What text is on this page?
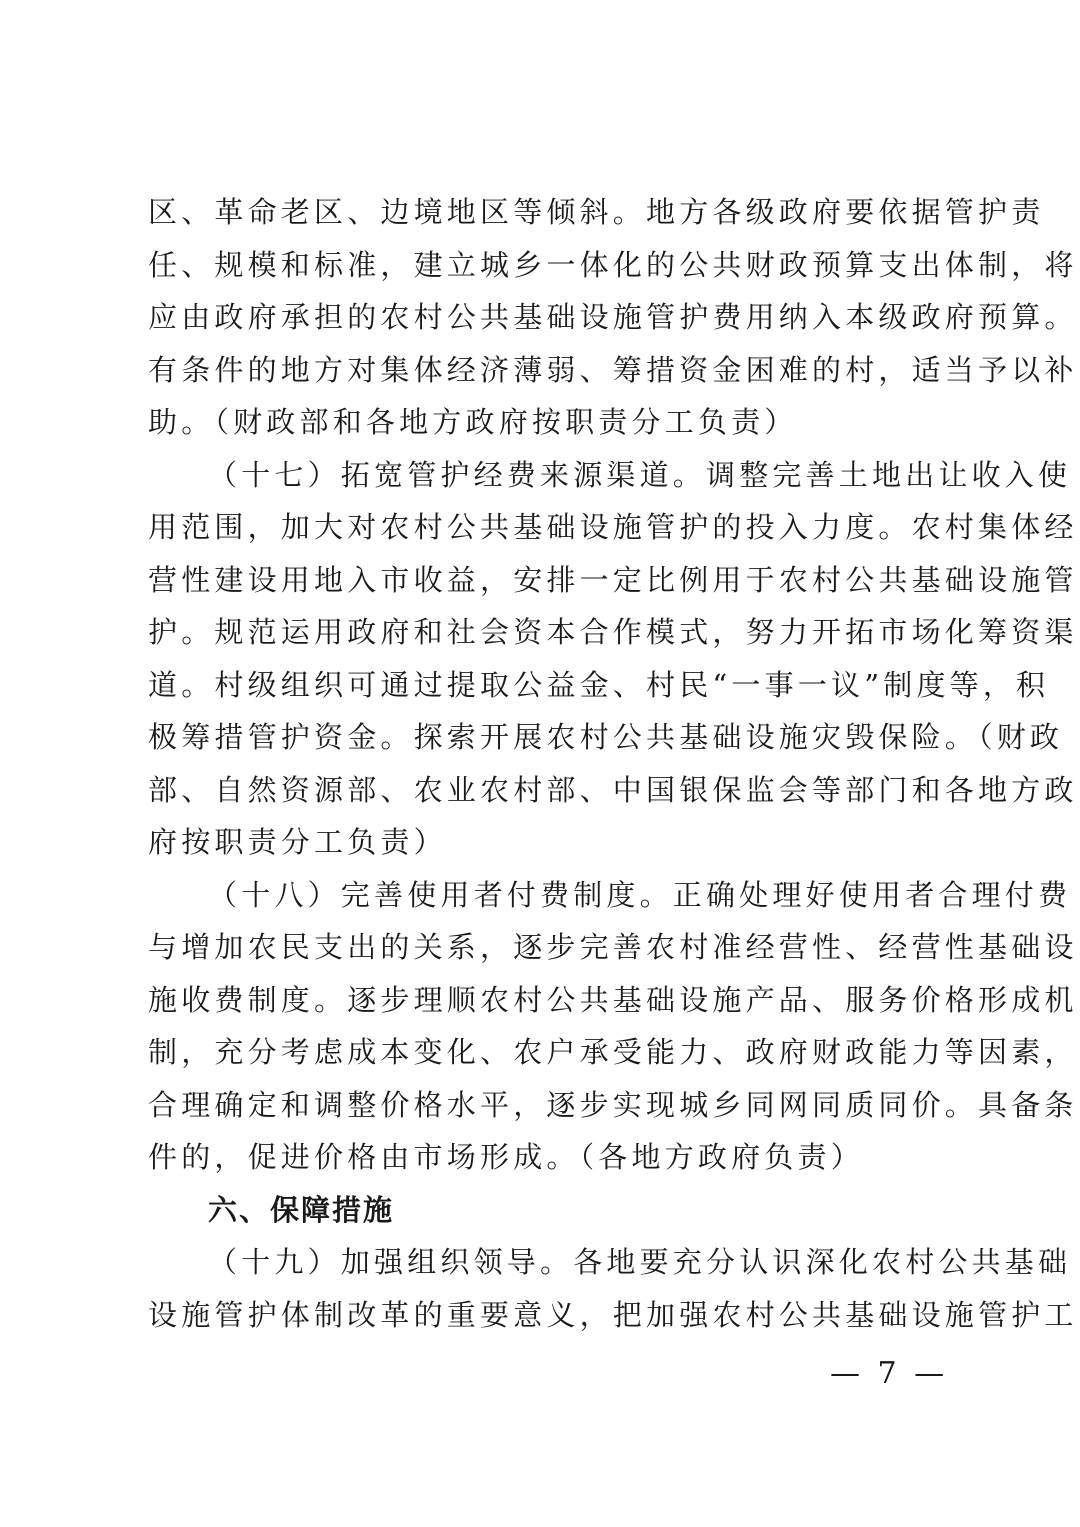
区、革命老区、边境地区等倾斜。地方各级政府要依据管护责
任、规模和标准，建立城乡一体化的公共财政预算支出体制，将
应由政府承担的农村公共基础设施管护费用纳入本级政府预算。
有条件的地方对集体经济薄弱、筹措资金困难的村，适当予以补
助。（财政部和各地方政府按职责分工负责）
（十七）拓宽管护经费来源渠道。调整完善土地出让收入使
用范围，加大对农村公共基础设施管护的投入力度。农村集体经
营性建设用地入市收益，安排一定比例用于农村公共基础设施管
护。规范运用政府和社会资本合作模式，努力开拓市场化筹资渠
道。村级组织可通过提取公益金、村民“一事一议”制度等，积
极筹措管护资金。探索开展农村公共基础设施灾毁保险。（财政
部、自然资源部、农业农村部、中国银保监会等部门和各地方政
府按职责分工负责）
（十八）完善使用者付费制度。正确处理好使用者合理付费
与增加农民支出的关系，逐步完善农村准经营性、经营性基础设
施收费制度。逐步理顺农村公共基础设施产品、服务价格形成机
制，充分考虑成本变化、农户承受能力、政府财政能力等因素，
合理确定和调整价格水平，逐步实现城乡同网同质同价。具备条
件的，促进价格由市场形成。（各地方政府负责）
六、保障措施
（十九）加强组织领导。各地要充分认识深化农村公共基础
设施管护体制改革的重要意义，把加强农村公共基础设施管护工
— 7 —
